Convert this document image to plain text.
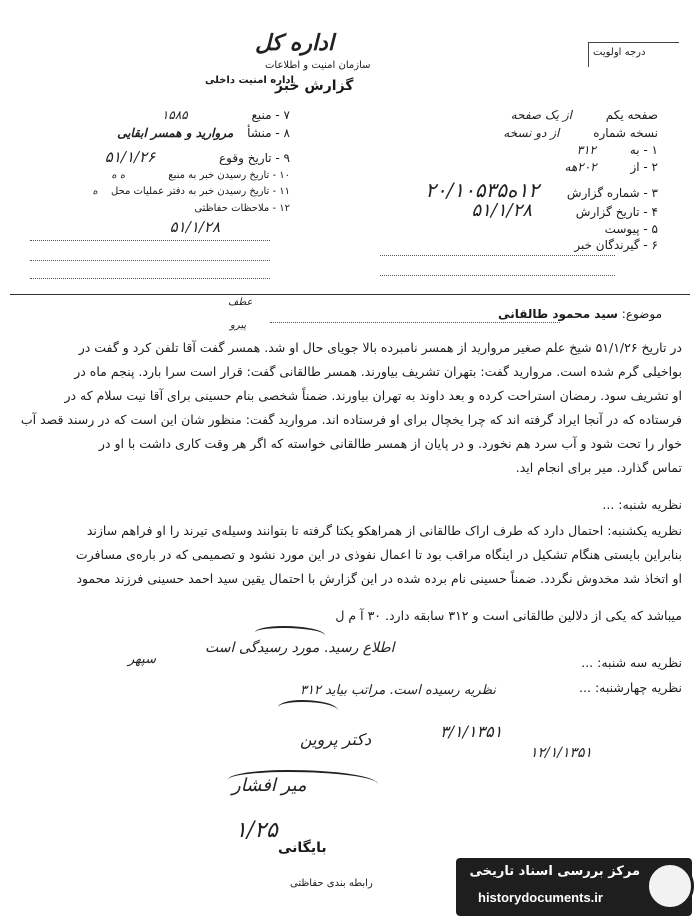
اداره کل
سازمان امنیت و اطلاعات
اداره امنیت داخلی
گزارش خبر
درجه اولویت
صفحه یکم از یک صفحه
نسخه شماره از دو نسخه
۱ - به ۳۱۲
۲ - از ۲۰۲هه
۳ - شماره گزارش ۱۲ه۲۰/۱۰۵۳۵
۴ - تاریخ گزارش ۵۱/۱/۲۸
۵ - پیوست
۶ - گیرندگان خبر
۷ - منبع ۱۵۸۵
۸ - منشأ مروارید و همسر ابقایی
۹ - تاریخ وقوع ۵۱/۱/۲۶
۱۰ - تاریخ رسیدن خبر به منبع ه ه
۱۱ - تاریخ رسیدن خبر به دفتر عملیات محل ه
۱۲ - ملاحظات حفاظتی
۵۱/۱/۲۸
عطف
پیرو
موضوع: سید محمود طالقانی
در تاریخ ۵۱/۱/۲۶ شیخ علم صغیر مروارید از همسر نامبرده بالا جویای حال او شد. همسر گفت آقا تلفن کرد و گفت در
بواخیلی گرم شده است. مروارید گفت: بتهران تشریف بیاورند. همسر طالقانی گفت: قرار است سرا بارد. پنجم ماه در
او تشریف سود. رمضان استراحت کرده و بعد داوند به تهران بیاورند. ضمناً شخصی بنام حسینی برای آقا نیت سلام که در
فرستاده که در آنجا ایراد گرفته اند که چرا یخچال برای او فرستاده اند. مروارید گفت: منظور شان این است که در رسند قصد آب
خوار را تحت شود و آب سرد هم نخورد. و در پایان از همسر طالقانی خواسته که اگر هر وقت کاری داشت با او در
تماس گذارد. میر برای انجام اید.
نظریه شنبه: ...
نظریه یکشنبه: احتمال دارد که طرف اراک طالقانی از همراهکو یکتا گرفته تا بتوانند وسیله‌ی تیرند را او فراهم سازند
بنابراین بایستی هنگام تشکیل در اینگاه مراقب بود تا اعمال نفوذی در این مورد نشود و تصمیمی که در باره‌ی مسافرت
او اتخاذ شد مخدوش نگردد. ضمناً حسینی نام برده شده در این گزارش با احتمال یقین سید احمد حسینی فرزند محمود
میباشد که یکی از دلالین طالقانی است و ۳۱۲ سابقه دارد. ۳۰ آ م ل
نظریه سه شنبه: ...
نظریه چهارشنبه: ...
اطلاع رسید. مورد رسیدگی است
سپهر
نظریه رسیده است. مراتب بیاید ۳۱۲
۳/۱/۱۳۵۱
۱۲/۱/۱۳۵۱
دکتر پروین
میر افشار
۱/۲۵
بایگانی
رابطه بندی حفاظتی
مرکز بررسی اسناد تاریخی
historydocuments.ir
